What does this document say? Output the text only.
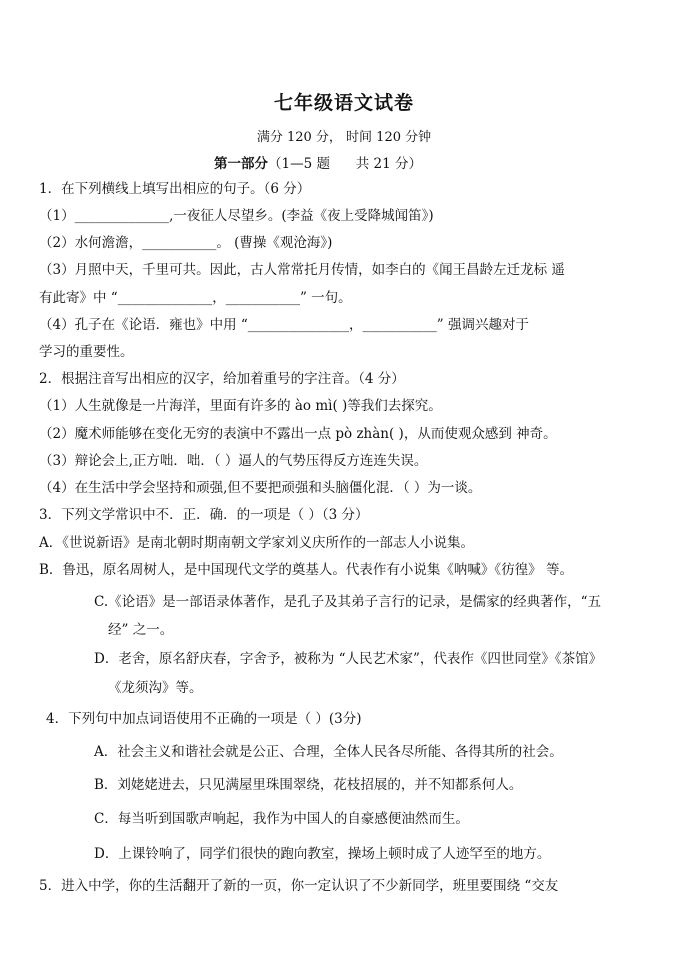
七年级语文试卷
满分 120 分， 时间 120 分钟
第一部分（1—5 题      共 21 分）
1．在下列横线上填写出相应的句子。（6 分）
（1）______________,一夜征人尽望乡。(李益《夜上受降城闻笛》)
（2）水何澹澹，___________。 (曹操《观沧海》)
（3）月照中天，千里可共。因此，古人常常托月传情，如李白的《闻王昌龄左迁龙标 遥
有此寄》中 “______________，___________” 一句。
（4）孔子在《论语．雍也》中用 “_______________，___________” 强调兴趣对于
学习的重要性。
2．根据注音写出相应的汉字，给加着重号的字注音。（4 分）
（1）人生就像是一片海洋，里面有许多的 ào mì( )等我们去探究。
（2）魔术师能够在变化无穷的表演中不露出一点 pò zhàn( )，从而使观众感到 神奇。
（3）辩论会上,正方咄．咄．（ ）逼人的气势压得反方连连失误。
（4）在生活中学会坚持和顽强,但不要把顽强和头脑僵化混．（ ）为一谈。
3．下列文学常识中不．正．确．的一项是（ ）（3 分）
A．《世说新语》是南北朝时期南朝文学家刘义庆所作的一部志人小说集。
B．鲁迅，原名周树人，是中国现代文学的奠基人。代表作有小说集《呐喊》《彷徨》 等。
C.《论语》是一部语录体著作，是孔子及其弟子言行的记录，是儒家的经典著作，“五
经” 之一。
D．老舍，原名舒庆春，字舍予，被称为 “人民艺术家”，代表作《四世同堂》《茶馆》
《龙须沟》等。
4．下列句中加点词语使用不正确的一项是（ ）(3分)
A．社会主义和谐社会就是公正、合理，全体人民各尽所能、各得其所的社会。
B．刘姥姥进去，只见满屋里珠围翠绕，花枝招展的，并不知都系何人。
C．每当听到国歌声响起，我作为中国人的自豪感便油然而生。
D．上课铃响了，同学们很快的跑向教室，操场上顿时成了人迹罕至的地方。
5．进入中学，你的生活翻开了新的一页，你一定认识了不少新同学，班里要围绕 “交友
